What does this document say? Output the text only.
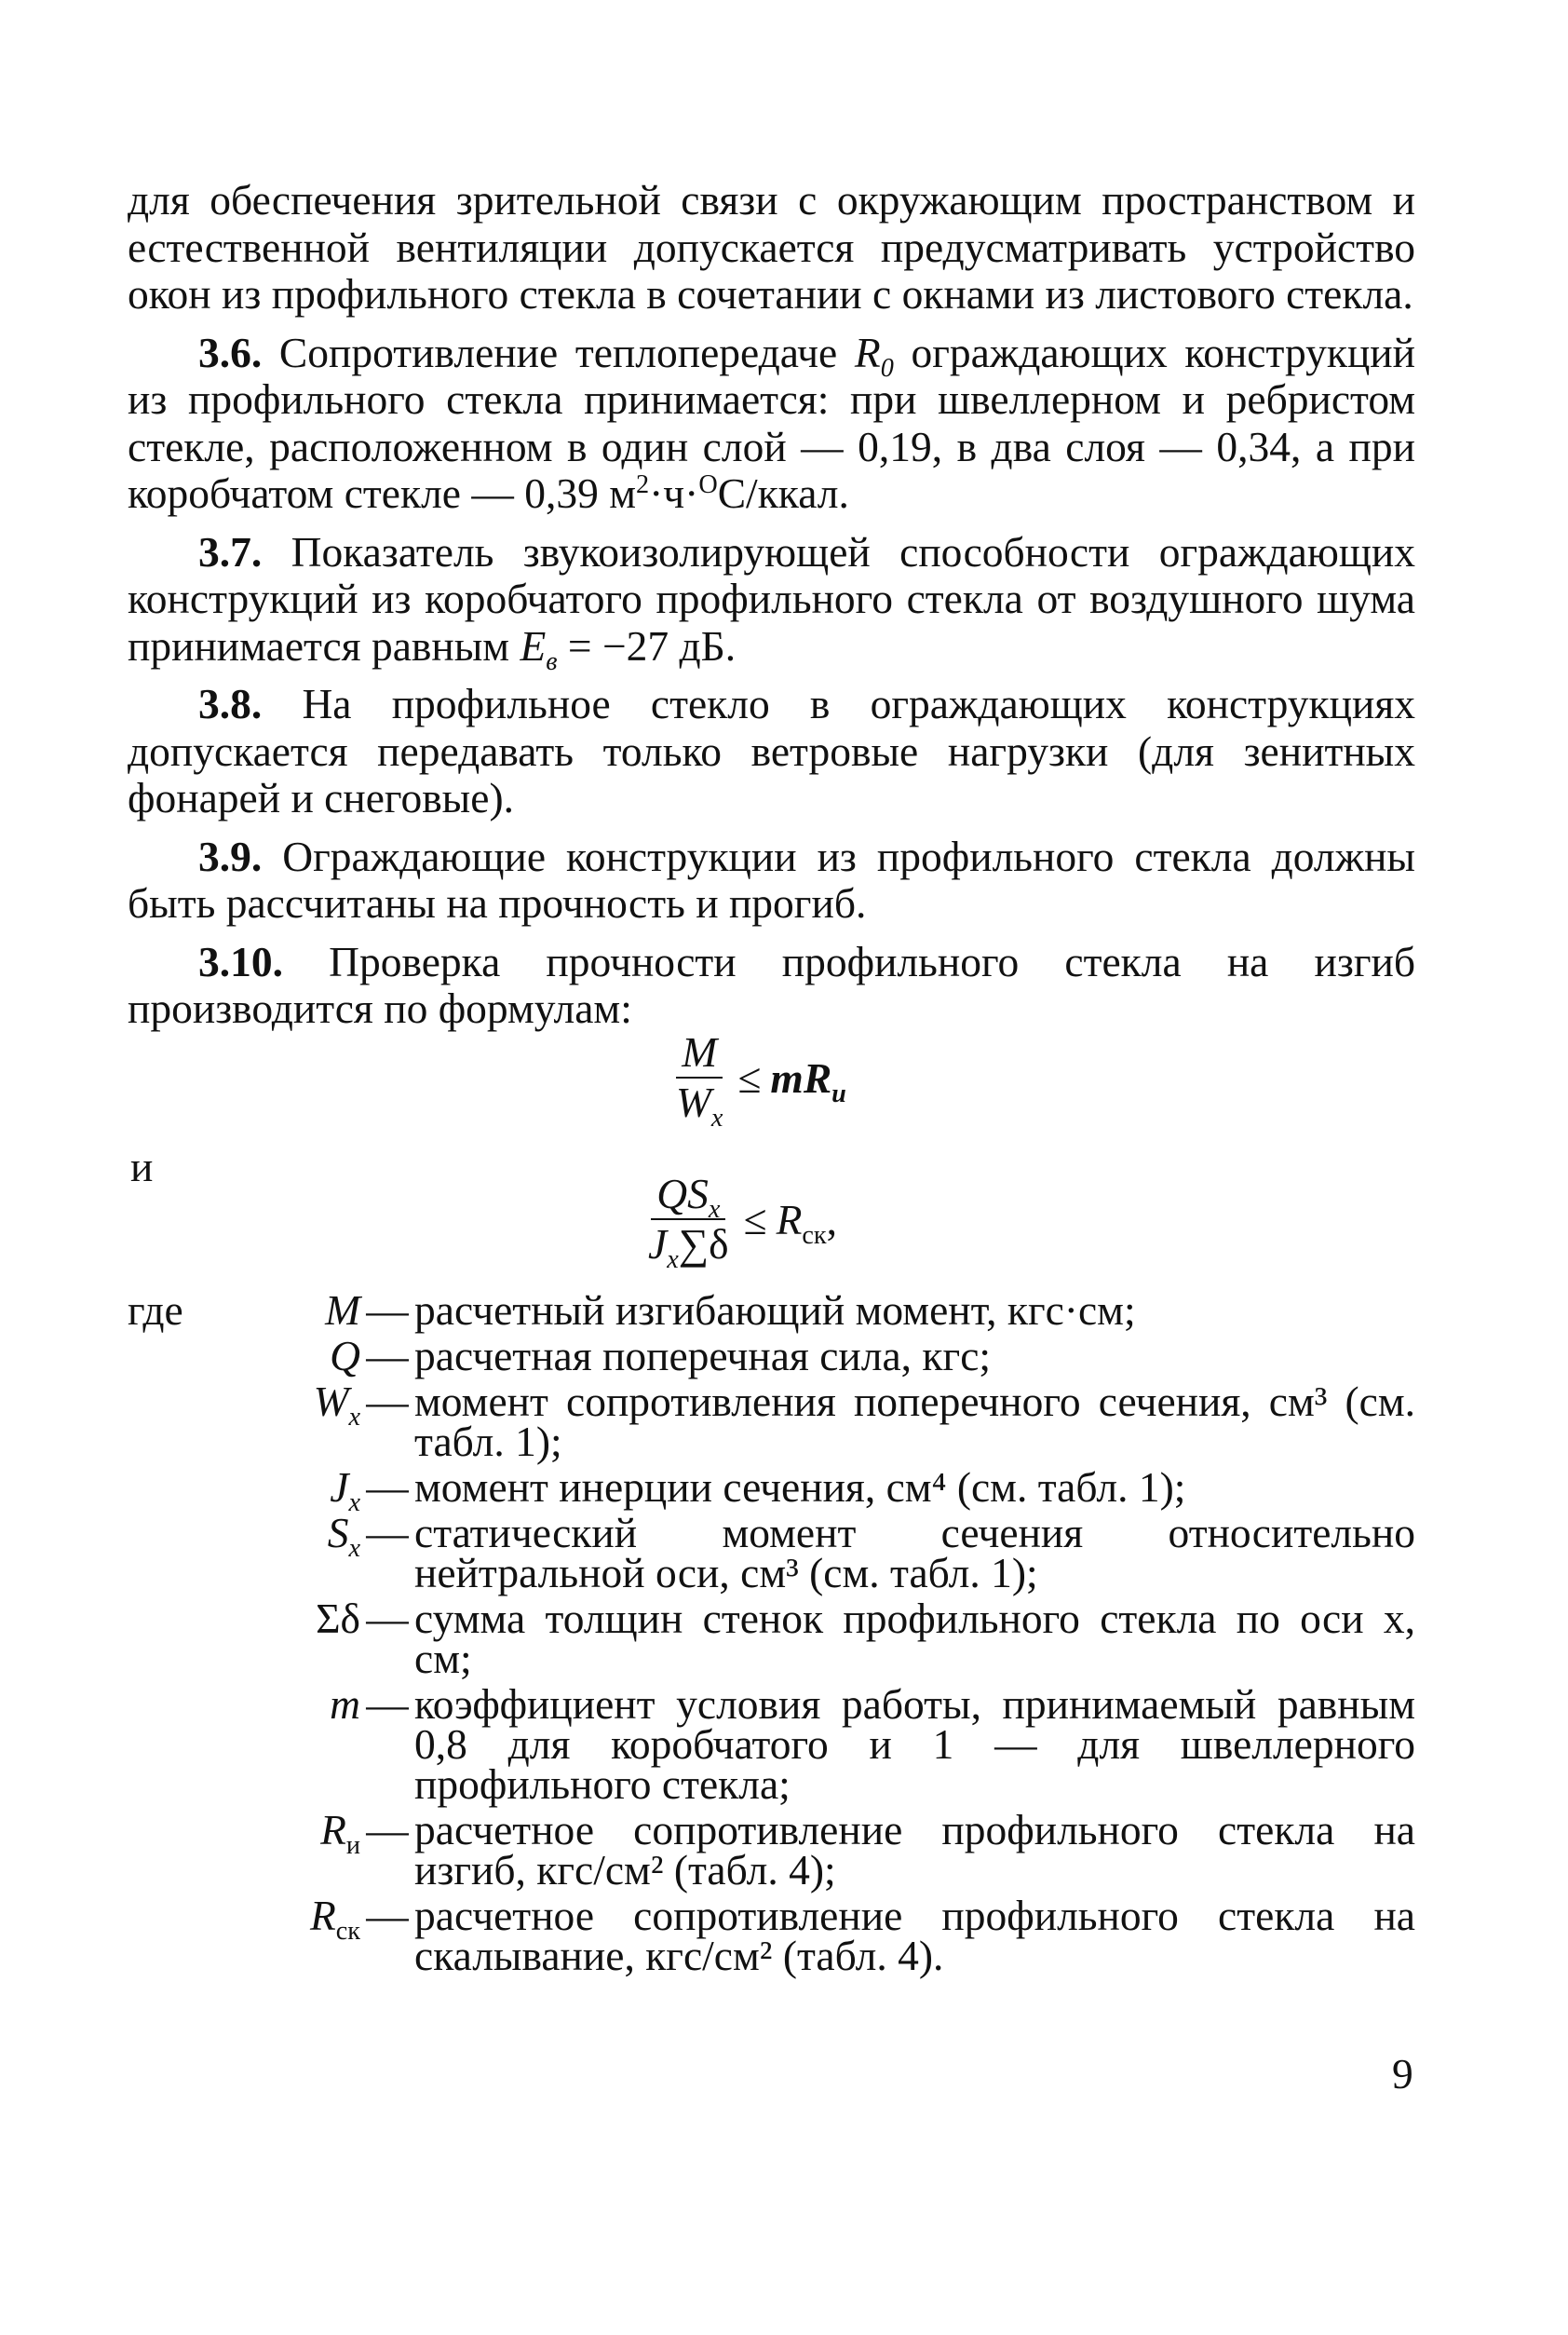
для обеспечения зрительной связи с окружающим пространством и естественной вентиляции допускается предусматривать устройство окон из профильного стекла в сочетании с окнами из листового стекла.

3.6. Сопротивление теплопередаче $R_0$ ограждающих конструкций из профильного стекла принимается: при швеллерном и ребристом стекле, расположенном в один слой — 0,19, в два слоя — 0,34, а при коробчатом стекле — 0,39 $м^2\cdot ч\cdot^ОС$/ккал.

3.7. Показатель звукоизолирующей способности ограждающих конструкций из коробчатого профильного стекла от воздушного шума принимается равным $E_в = -27$ дБ.

3.8. На профильное стекло в ограждающих конструкциях допускается передавать только ветровые нагрузки (для зенитных фонарей и снеговые).

3.9. Ограждающие конструкции из профильного стекла должны быть рассчитаны на прочность и прогиб.

3.10. Проверка прочности профильного стекла на изгиб производится по формулам:

$\frac{M}{W_x} \le mR_и$
и
$\frac{QS_x}{J_x\sum\delta} \le R_{ск}$ ,
где	M — расчетный изгибающий момент, кгс·см;
Q — расчетная поперечная сила, кгс;
$W_x$ — момент сопротивления поперечного сечения, см³ (см. табл. 1);
$J_x$ — момент инерции сечения, см⁴ (см. табл. 1);
$S_x$ — статический момент сечения относительно нейтральной оси, см³ (см. табл. 1);
Σδ — сумма толщин стенок профильного стекла по оси x, см;
m — коэффициент условия работы, принимаемый равным 0,8 для коробчатого и 1 — для швеллерного профильного стекла;
$R_и$ — расчетное сопротивление профильного стекла на изгиб, кгс/см² (табл. 4);
$R_{ск}$ — расчетное сопротивление профильного стекла на скалывание, кгс/см² (табл. 4).
9
